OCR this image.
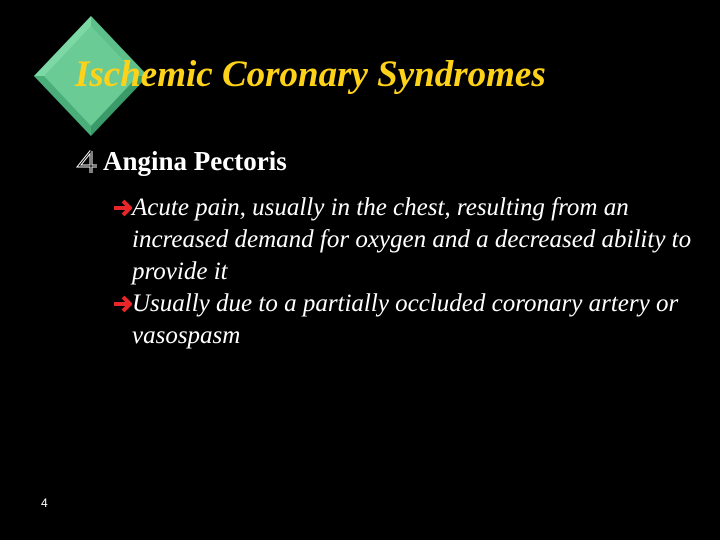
Ischemic Coronary Syndromes
Angina Pectoris
Acute pain, usually in the chest, resulting from an increased demand for oxygen and a decreased ability to provide it
Usually due to a partially occluded coronary artery or vasospasm
4
